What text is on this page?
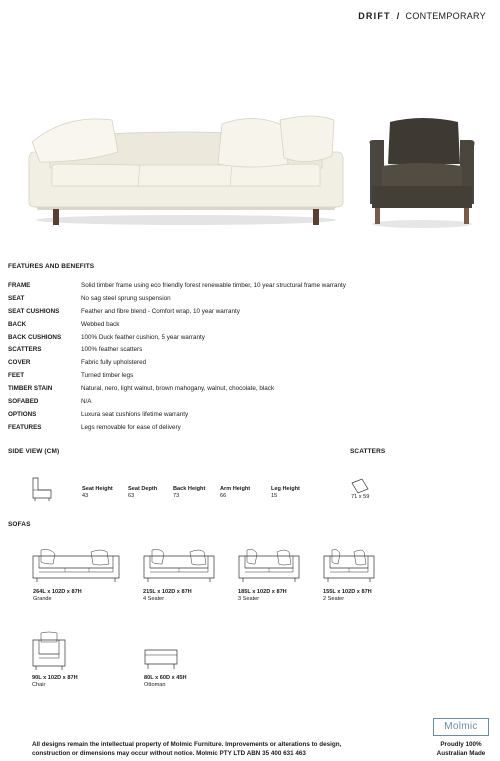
DRIFT / CONTEMPORARY
FEATURES AND BENEFITS
FRAME	Solid timber frame using eco friendly forest renewable timber, 10 year structural frame warranty
SEAT	No sag steel sprung suspension
SEAT CUSHIONS	Feather and fibre blend - Comfort wrap, 10 year warranty
BACK	Webbed back
BACK CUSHIONS	100% Duck feather cushion, 5 year warranty
SCATTERS	100% feather scatters
COVER	Fabric fully upholstered
FEET	Turned timber legs
TIMBER STAIN	Natural, nero, light walnut, brown mahogany, walnut, chocolate, black
SOFABED	N/A
OPTIONS	Luxura seat cushions lifetime warranty
FEATURES	Legs removable for ease of delivery
SIDE VIEW (CM)
Seat Height
43
Seat Depth
63
Back Height
73
Arm Height
66
Leg Height
15
SCATTERS
71 x 59
SOFAS
264L x 102D x 87H
Grande
215L x 102D x 87H
4 Seater
185L x 102D x 87H
3 Seater
155L x 102D x 87H
2 Seater
90L x 102D x 87H
Chair
80L x 60D x 45H
Ottoman
All designs remain the intellectual property of Molmic Furniture. Improvements or alterations to design,
construction or dimensions may occur without notice. Molmic PTY LTD ABN 35 400 631 463
Molmic
Proudly 100%
Australian Made
